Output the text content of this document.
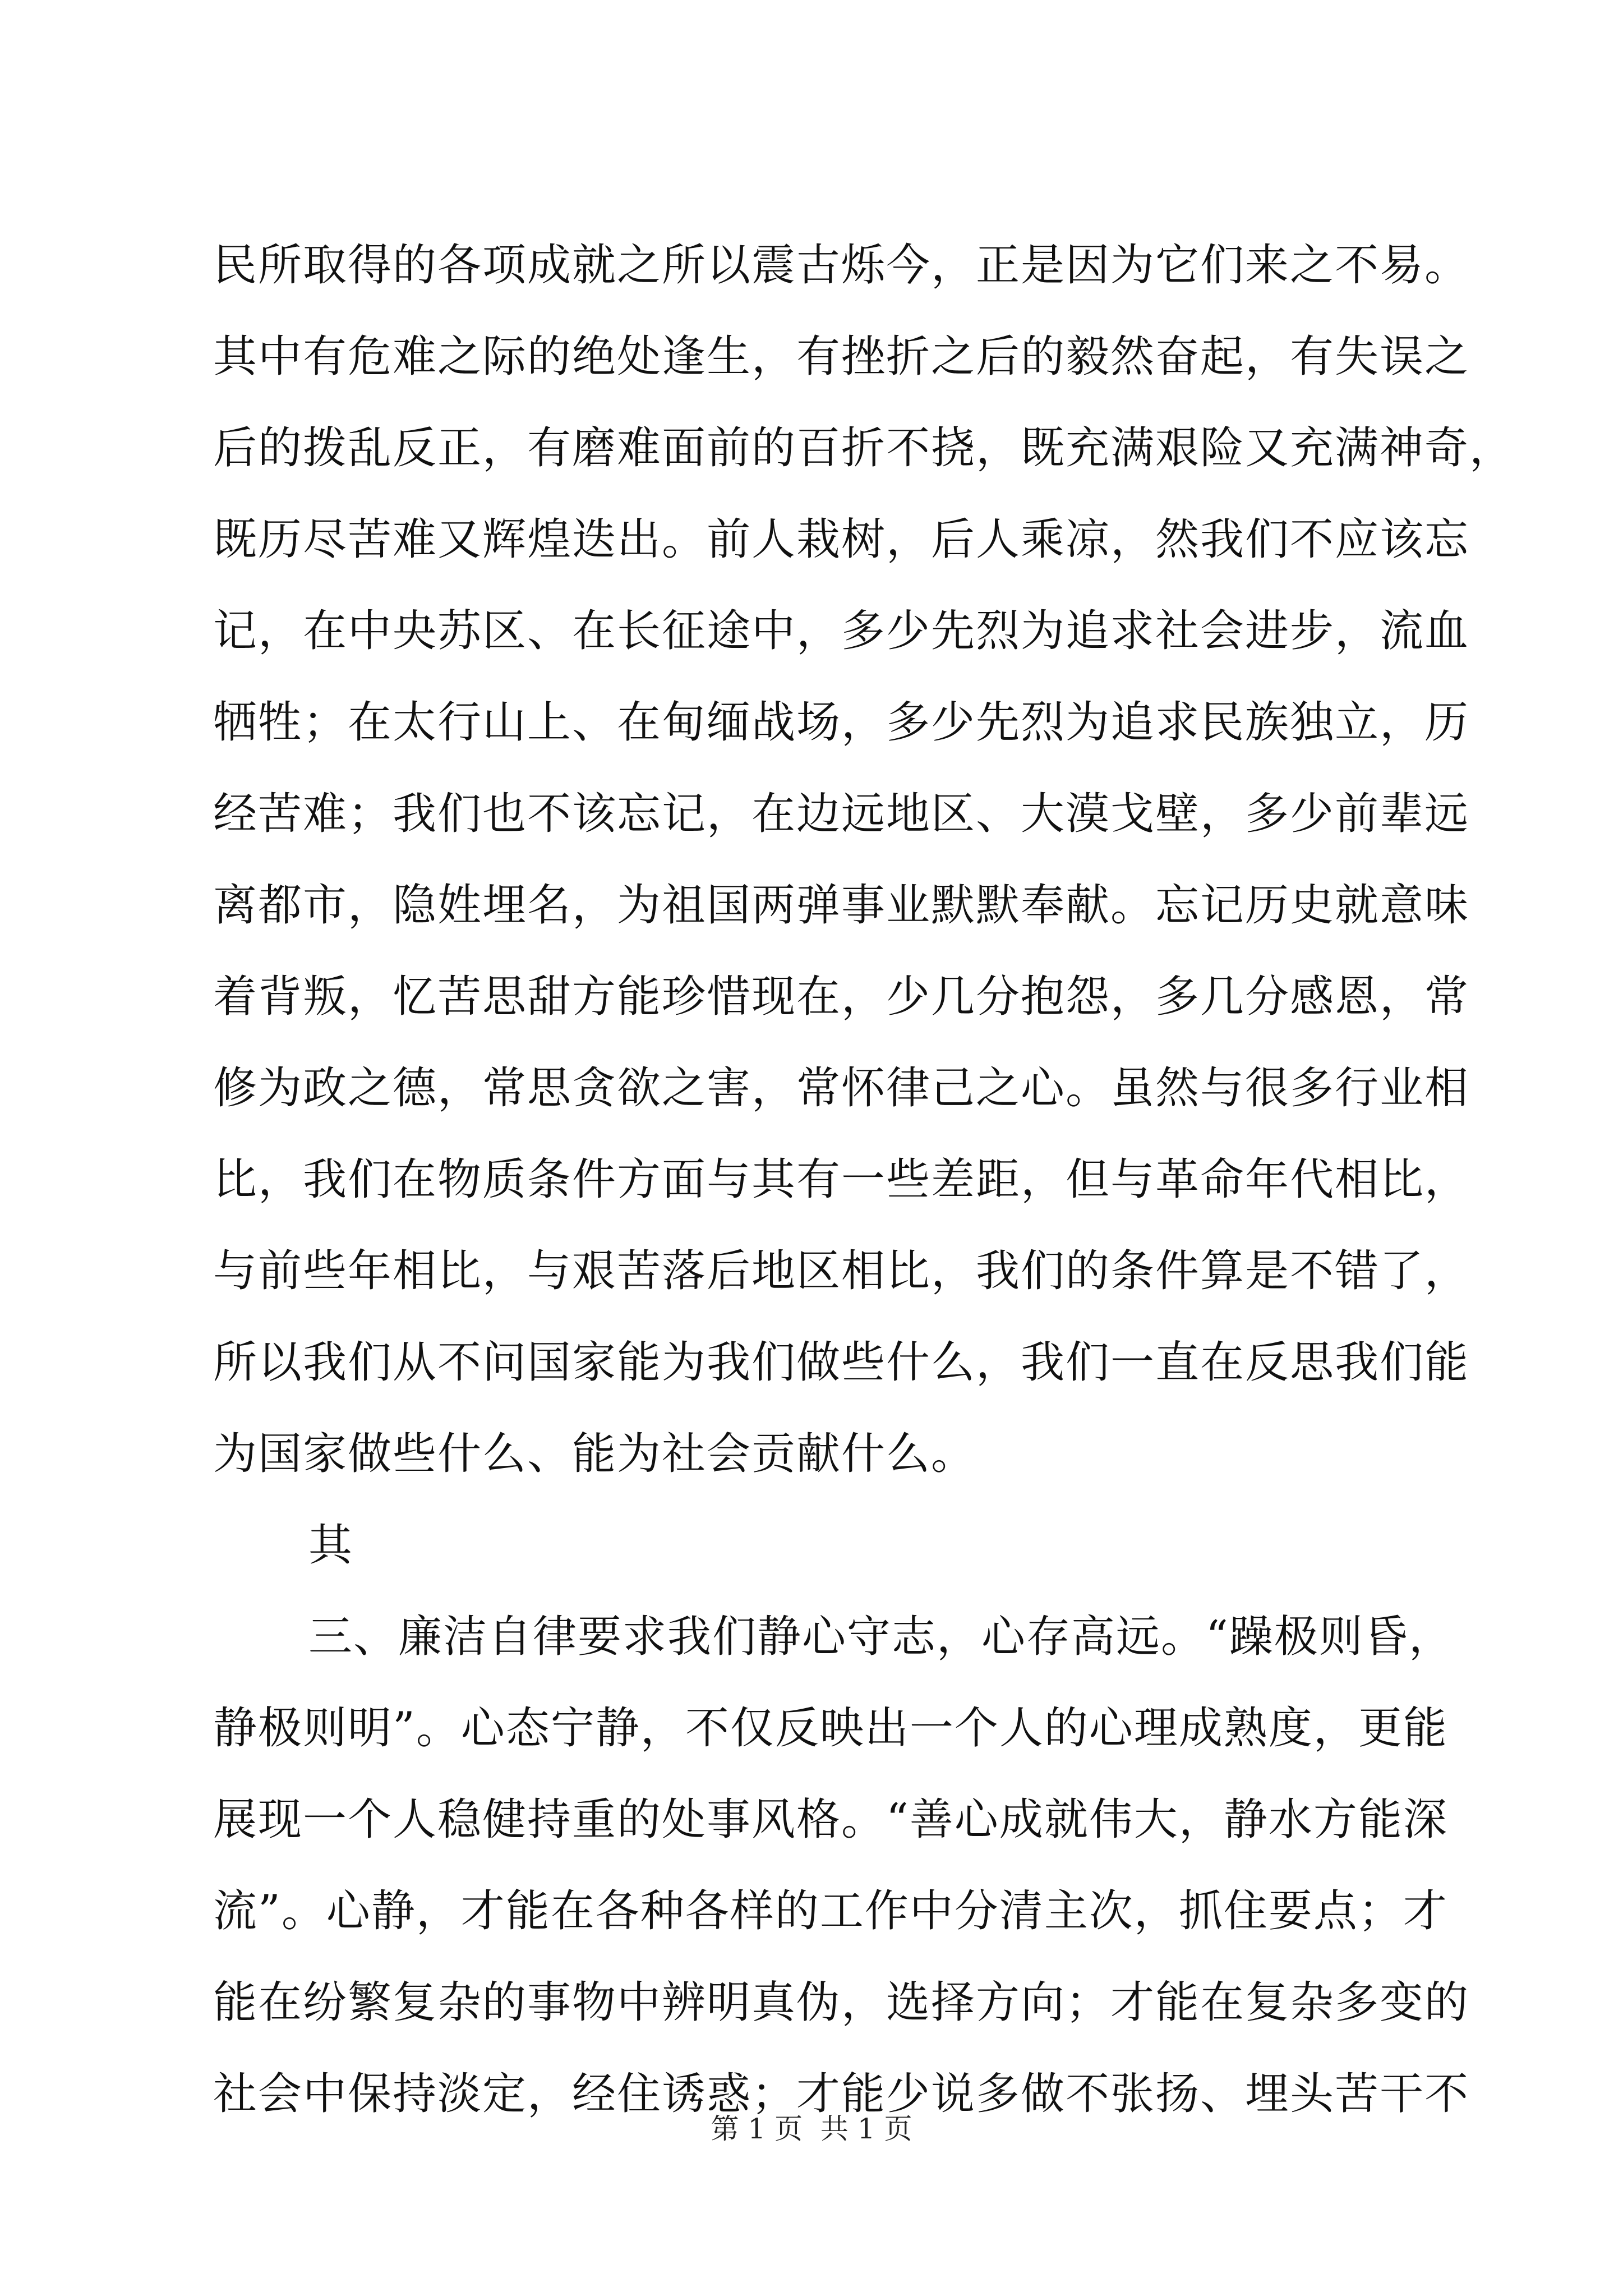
民所取得的各项成就之所以震古烁今，正是因为它们来之不易。
其中有危难之际的绝处逢生，有挫折之后的毅然奋起，有失误之
后的拨乱反正，有磨难面前的百折不挠，既充满艰险又充满神奇，
既历尽苦难又辉煌迭出。前人栽树，后人乘凉，然我们不应该忘
记，在中央苏区、在长征途中，多少先烈为追求社会进步，流血
牺牲；在太行山上、在甸缅战场，多少先烈为追求民族独立，历
经苦难；我们也不该忘记，在边远地区、大漠戈壁，多少前辈远
离都市，隐姓埋名，为祖国两弹事业默默奉献。忘记历史就意味
着背叛，忆苦思甜方能珍惜现在，少几分抱怨，多几分感恩，常
修为政之德，常思贪欲之害，常怀律己之心。虽然与很多行业相
比，我们在物质条件方面与其有一些差距，但与革命年代相比，
与前些年相比，与艰苦落后地区相比，我们的条件算是不错了，
所以我们从不问国家能为我们做些什么，我们一直在反思我们能
为国家做些什么、能为社会贡献什么。
其
三、廉洁自律要求我们静心守志，心存高远。“躁极则昏，
静极则明”。心态宁静，不仅反映出一个人的心理成熟度，更能
展现一个人稳健持重的处事风格。“善心成就伟大，静水方能深
流”。心静，才能在各种各样的工作中分清主次，抓住要点；才
能在纷繁复杂的事物中辨明真伪，选择方向；才能在复杂多变的
社会中保持淡定，经住诱惑；才能少说多做不张扬、埋头苦干不
第 1 页  共 1 页
